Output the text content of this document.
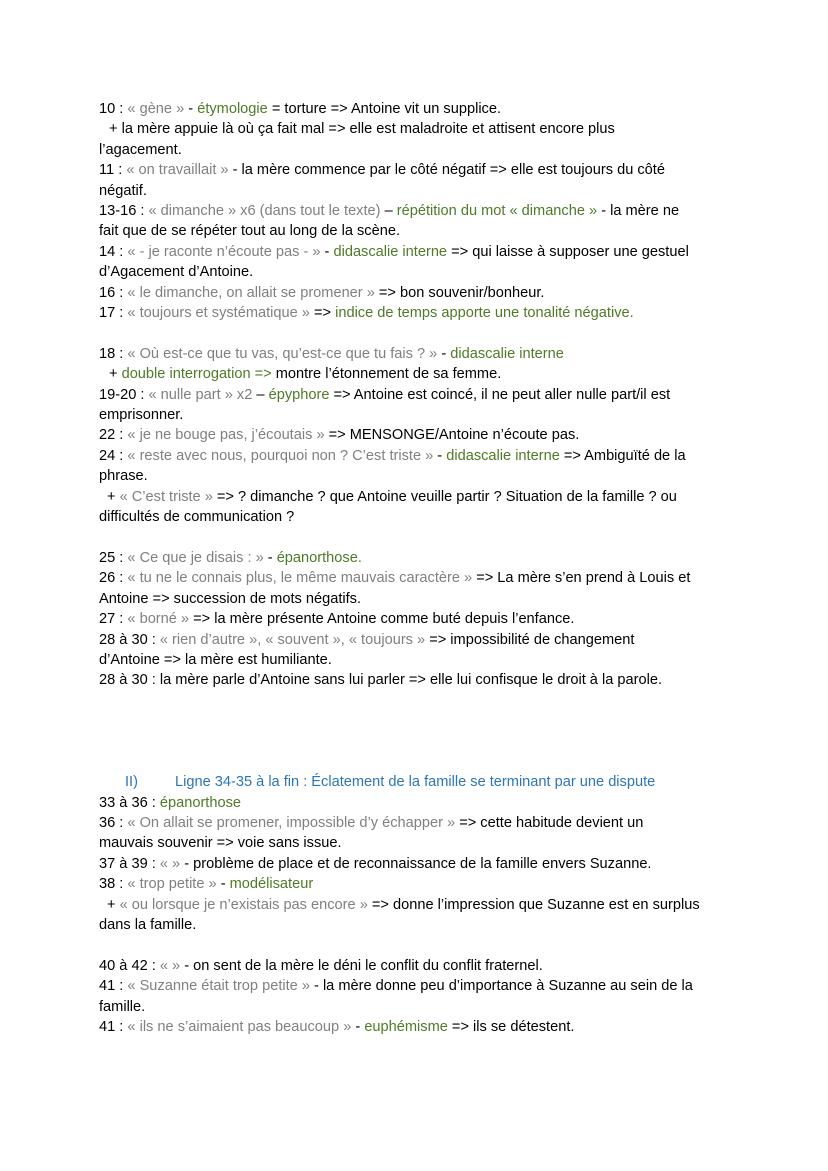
10 : « gène » - étymologie = torture => Antoine vit un supplice.
+ la mère appuie là où ça fait mal => elle est maladroite et attisent encore plus
l’agacement.
11 : « on travaillait » - la mère commence par le côté négatif => elle est toujours du côté
négatif.
13-16 : « dimanche » x6 (dans tout le texte) – répétition du mot « dimanche » - la mère ne
fait que de se répéter tout au long de la scène.
14 : « - je raconte n’écoute pas - » - didascalie interne => qui laisse à supposer une gestuel
d’Agacement d’Antoine.
16 : « le dimanche, on allait se promener » => bon souvenir/bonheur.
17 : « toujours et systématique » => indice de temps apporte une tonalité négative.
18 : « Où est-ce que tu vas, qu’est-ce que tu fais ? » - didascalie interne
+ double interrogation => montre l’étonnement de sa femme.
19-20 : « nulle part » x2 – épyphore => Antoine est coincé, il ne peut aller nulle part/il est
emprisonner.
22 : « je ne bouge pas, j’écoutais » => MENSONGE/Antoine n’écoute pas.
24 : « reste avec nous, pourquoi non ? C’est triste » - didascalie interne => Ambiguïté de la
phrase.
+ « C’est triste » => ? dimanche ? que Antoine veuille partir ? Situation de la famille ? ou
difficultés de communication ?
25 : « Ce que je disais : » - épanorthose.
26 : « tu ne le connais plus, le même mauvais caractère » => La mère s’en prend à Louis et
Antoine => succession de mots négatifs.
27 : « borné » => la mère présente Antoine comme buté depuis l’enfance.
28 à 30 : « rien d’autre », « souvent », « toujours » => impossibilité de changement
d’Antoine => la mère est humiliante.
28 à 30 : la mère parle d’Antoine sans lui parler => elle lui confisque le droit à la parole.
II)	Ligne 34-35 à la fin : Éclatement de la famille se terminant par une dispute
33 à 36 : épanorthose
36 : « On allait se promener, impossible d’y échapper » => cette habitude devient un
mauvais souvenir => voie sans issue.
37 à 39 : « » - problème de place et de reconnaissance de la famille envers Suzanne.
38 : « trop petite » - modélisateur
+ « ou lorsque je n’existais pas encore » => donne l’impression que Suzanne est en surplus
dans la famille.
40 à 42 : « » - on sent de la mère le déni le conflit du conflit fraternel.
41 : « Suzanne était trop petite » - la mère donne peu d’importance à Suzanne au sein de la
famille.
41 : « ils ne s’aimaient pas beaucoup » - euphémisme => ils se détestent.
